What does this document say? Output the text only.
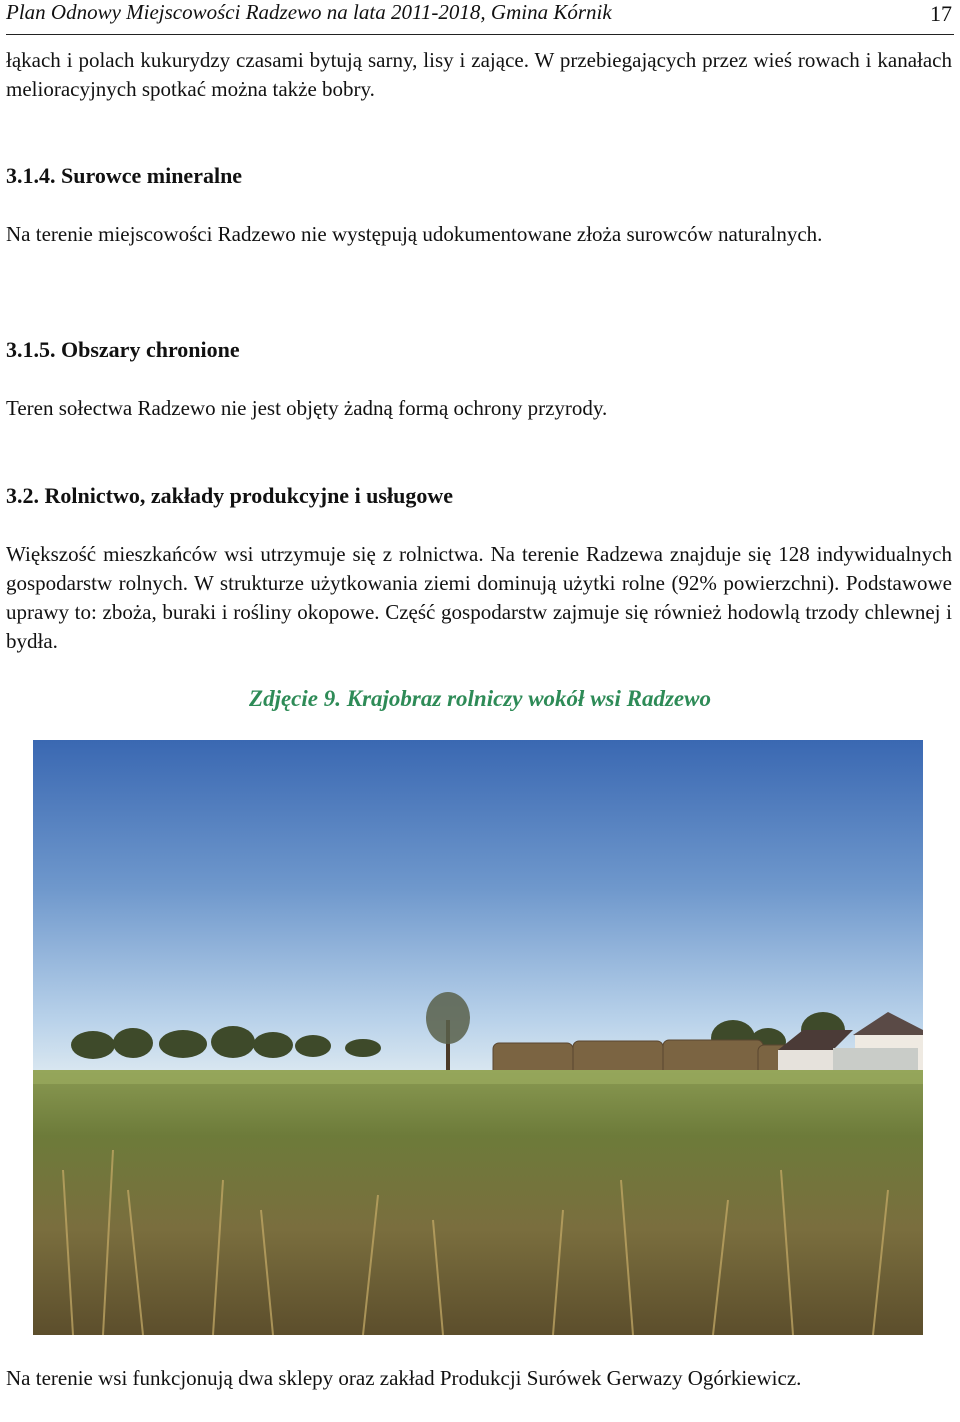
Plan Odnowy Miejscowości Radzewo na lata 2011-2018, Gmina Kórnik	17

łąkach i polach kukurydzy czasami bytują sarny, lisy i zające. W przebiegających przez wieś rowach i kanałach melioracyjnych spotkać można także bobry.

3.1.4. Surowce mineralne

Na terenie miejscowości Radzewo nie występują udokumentowane złoża surowców naturalnych.

3.1.5. Obszary chronione

Teren sołectwa Radzewo nie jest objęty żadną formą ochrony przyrody.

3.2. Rolnictwo, zakłady produkcyjne i usługowe

Większość mieszkańców wsi utrzymuje się z rolnictwa. Na terenie Radzewa znajduje się 128 indywidualnych gospodarstw rolnych. W strukturze użytkowania ziemi dominują użytki rolne (92% powierzchni). Podstawowe uprawy to: zboża, buraki i rośliny okopowe. Część gospodarstw zajmuje się również hodowlą trzody chlewnej i bydła.

Zdjęcie 9. Krajobraz rolniczy wokół wsi Radzewo

Na terenie wsi funkcjonują dwa sklepy oraz zakład Produkcji Surówek Gerwazy Ogórkiewicz.
